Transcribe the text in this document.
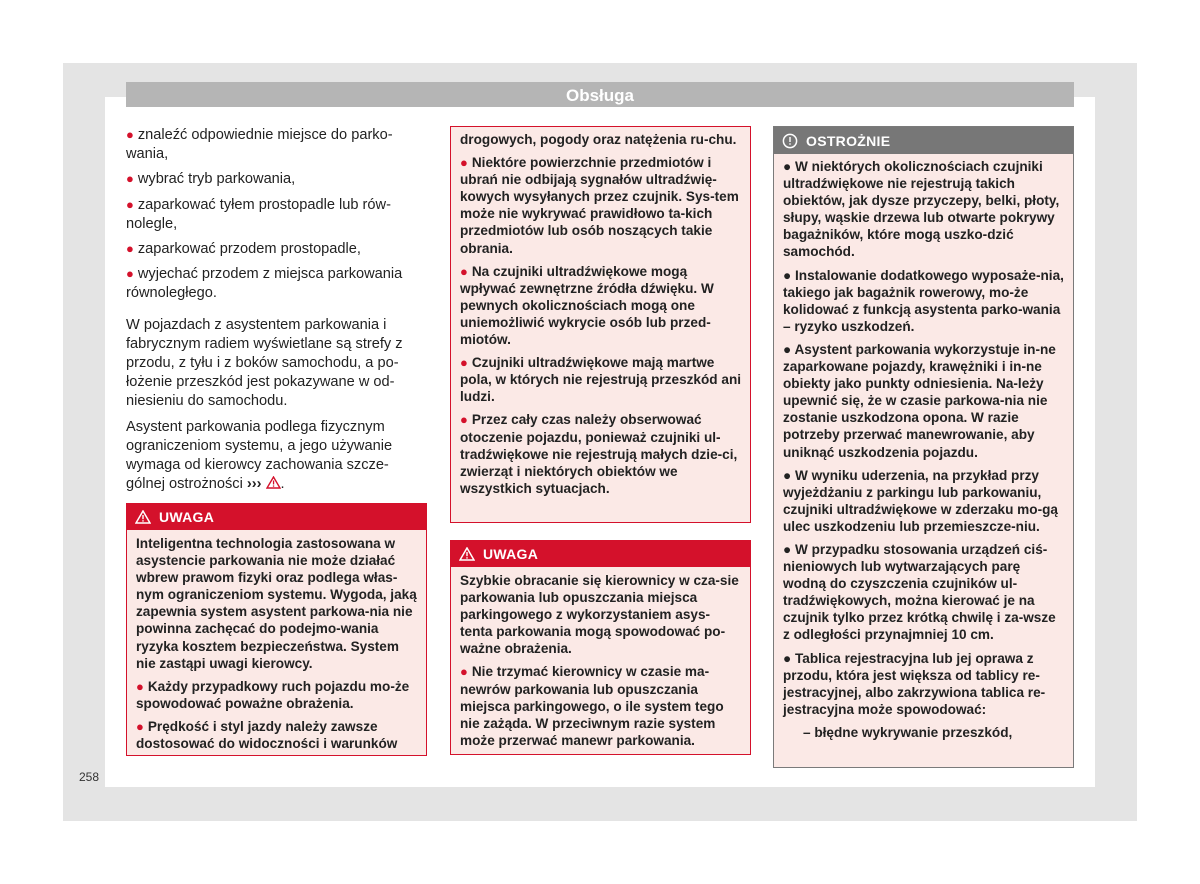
Obsługa
● znaleźć odpowiednie miejsce do parko-wania,
● wybrać tryb parkowania,
● zaparkować tyłem prostopadle lub rów-nolegle,
● zaparkować przodem prostopadle,
● wyjechać przodem z miejsca parkowania równoległego.

W pojazdach z asystentem parkowania i fabrycznym radiem wyświetlane są strefy z przodu, z tyłu i z boków samochodu, a po-łożenie przeszkód jest pokazywane w od-niesieniu do samochodu.

Asystent parkowania podlega fizycznym ograniczeniom systemu, a jego używanie wymaga od kierowcy zachowania szcze-gólnej ostrożności ››› .

UWAGA

Inteligentna technologia zastosowana w asystencie parkowania nie może działać wbrew prawom fizyki oraz podlega włas-nym ograniczeniom systemu. Wygoda, jaką zapewnia system asystent parkowa-nia nie powinna zachęcać do podejmo-wania ryzyka kosztem bezpieczeństwa. System nie zastąpi uwagi kierowcy.

● Każdy przypadkowy ruch pojazdu mo-że spowodować poważne obrażenia.

● Prędkość i styl jazdy należy zawsze dostosować do widoczności i warunków

drogowych, pogody oraz natężenia ru-chu.

● Niektóre powierzchnie przedmiotów i ubrań nie odbijają sygnałów ultradźwię-kowych wysyłanych przez czujnik. Sys-tem może nie wykrywać prawidłowo ta-kich przedmiotów lub osób noszących takie obrania.

● Na czujniki ultradźwiękowe mogą wpływać zewnętrzne źródła dźwięku. W pewnych okolicznościach mogą one uniemożliwić wykrycie osób lub przed-miotów.

● Czujniki ultradźwiękowe mają martwe pola, w których nie rejestrują przeszkód ani ludzi.

● Przez cały czas należy obserwować otoczenie pojazdu, ponieważ czujniki ul-tradźwiękowe nie rejestrują małych dzie-ci, zwierząt i niektórych obiektów we wszystkich sytuacjach.

UWAGA

Szybkie obracanie się kierownicy w cza-sie parkowania lub opuszczania miejsca parkingowego z wykorzystaniem asys-tenta parkowania mogą spowodować po-ważne obrażenia.

● Nie trzymać kierownicy w czasie ma-newrów parkowania lub opuszczania miejsca parkingowego, o ile system tego nie zażąda. W przeciwnym razie system może przerwać manewr parkowania.

OSTROŻNIE

● W niektórych okolicznościach czujniki ultradźwiękowe nie rejestrują takich obiektów, jak dysze przyczepy, belki, płoty, słupy, wąskie drzewa lub otwarte pokrywy bagażników, które mogą uszko-dzić samochód.

● Instalowanie dodatkowego wyposaże-nia, takiego jak bagażnik rowerowy, mo-że kolidować z funkcją asystenta parko-wania – ryzyko uszkodzeń.

● Asystent parkowania wykorzystuje in-ne zaparkowane pojazdy, krawężniki i in-ne obiekty jako punkty odniesienia. Na-leży upewnić się, że w czasie parkowa-nia nie zostanie uszkodzona opona. W razie potrzeby przerwać manewrowanie, aby uniknąć uszkodzenia pojazdu.

● W wyniku uderzenia, na przykład przy wyjeżdżaniu z parkingu lub parkowaniu, czujniki ultradźwiękowe w zderzaku mo-gą ulec uszkodzeniu lub przemieszcze-niu.

● W przypadku stosowania urządzeń ciś-nieniowych lub wytwarzających parę wodną do czyszczenia czujników ul-tradźwiękowych, można kierować je na czujnik tylko przez krótką chwilę i za-wsze z odległości przynajmniej 10 cm.

● Tablica rejestracyjna lub jej oprawa z przodu, która jest większa od tablicy re-jestracyjnej, albo zakrzywiona tablica re-jestracyjna może spowodować:

– błędne wykrywanie przeszkód,

258
